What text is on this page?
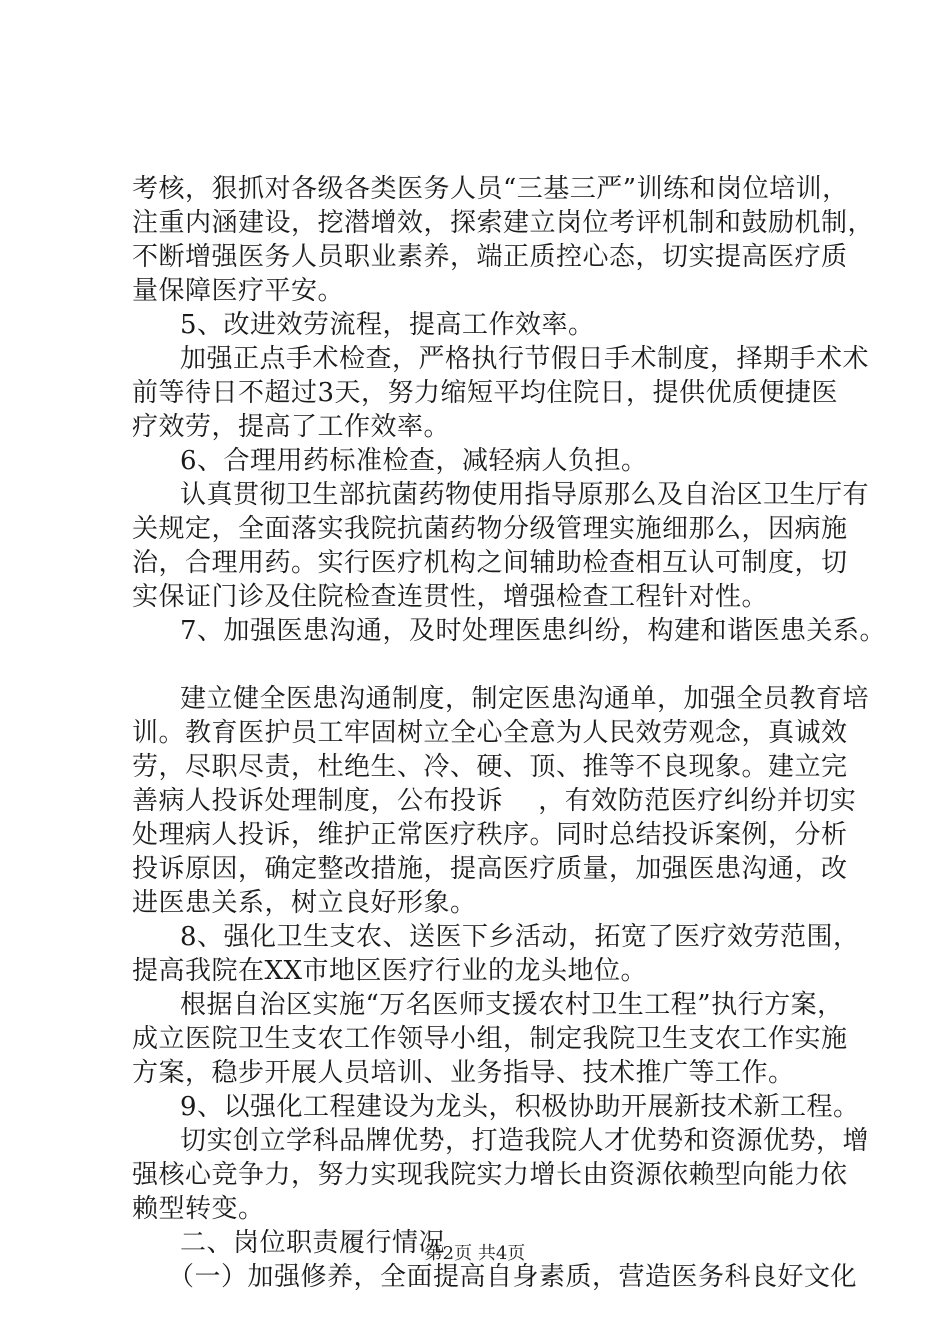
考核，狠抓对各级各类医务人员“三基三严”训练和岗位培训，
注重内涵建设，挖潜增效，探索建立岗位考评机制和鼓励机制，
不断增强医务人员职业素养，端正质控心态，切实提高医疗质
量保障医疗平安。
5、改进效劳流程，提高工作效率。
加强正点手术检查，严格执行节假日手术制度，择期手术术
前等待日不超过3天，努力缩短平均住院日，提供优质便捷医
疗效劳，提高了工作效率。
6、合理用药标准检查，减轻病人负担。
认真贯彻卫生部抗菌药物使用指导原那么及自治区卫生厅有
关规定，全面落实我院抗菌药物分级管理实施细那么，因病施
治，合理用药。实行医疗机构之间辅助检查相互认可制度，切
实保证门诊及住院检查连贯性，增强检查工程针对性。
7、加强医患沟通，及时处理医患纠纷，构建和谐医患关系。
建立健全医患沟通制度，制定医患沟通单，加强全员教育培
训。教育医护员工牢固树立全心全意为人民效劳观念，真诚效
劳，尽职尽责，杜绝生、冷、硬、顶、推等不良现象。建立完
善病人投诉处理制度，公布投诉　 ，有效防范医疗纠纷并切实
处理病人投诉，维护正常医疗秩序。同时总结投诉案例，分析
投诉原因，确定整改措施，提高医疗质量，加强医患沟通，改
进医患关系，树立良好形象。
8、强化卫生支农、送医下乡活动，拓宽了医疗效劳范围，
提高我院在XX市地区医疗行业的龙头地位。
根据自治区实施“万名医师支援农村卫生工程”执行方案，
成立医院卫生支农工作领导小组，制定我院卫生支农工作实施
方案，稳步开展人员培训、业务指导、技术推广等工作。
9、以强化工程建设为龙头，积极协助开展新技术新工程。
切实创立学科品牌优势，打造我院人才优势和资源优势，增
强核心竞争力，努力实现我院实力增长由资源依赖型向能力依
赖型转变。
二、岗位职责履行情况
（一）加强修养，全面提高自身素质，营造医务科良好文化
第2页 共4页
